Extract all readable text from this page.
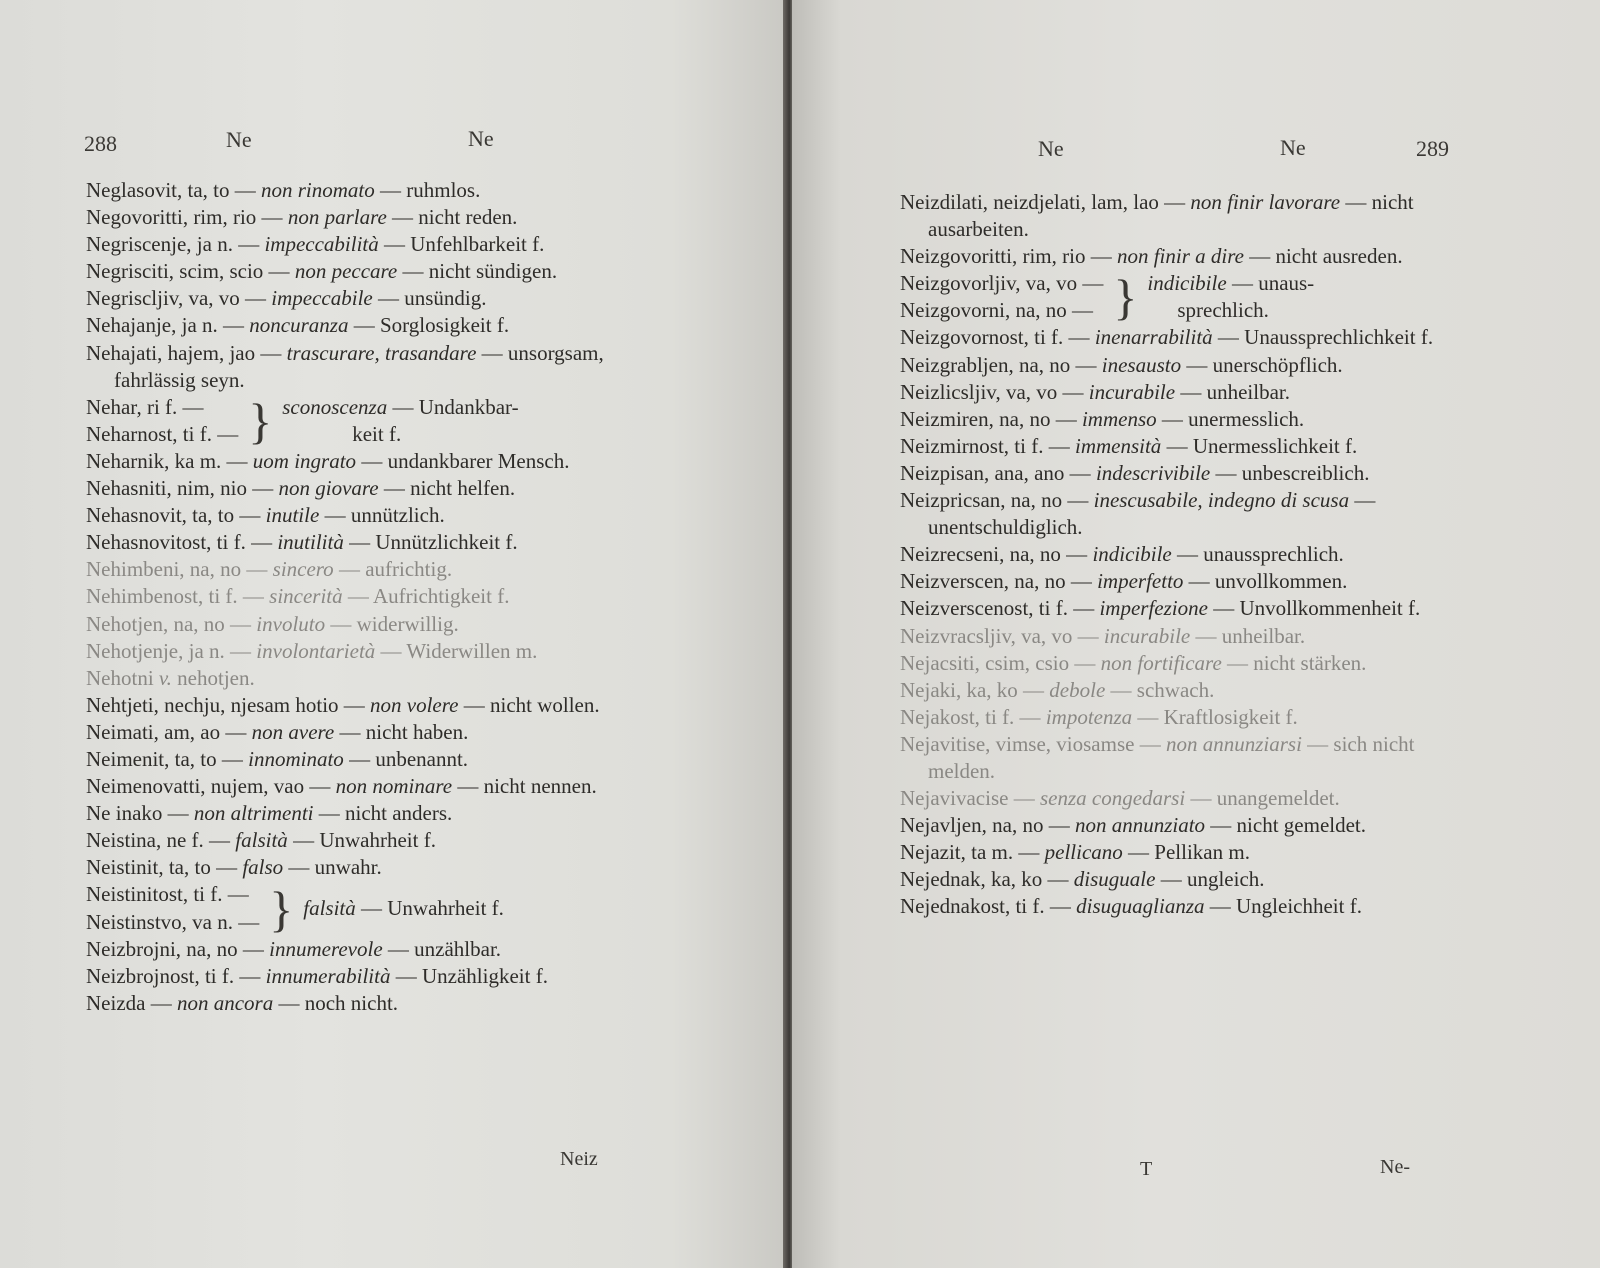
288	Ne	Ne
Neglasovit, ta, to — non rinomato — ruhmlos.
Negovoritti, rim, rio — non parlare — nicht reden.
Negriscenje, ja n. — impeccabilità — Unfehlbarkeit f.
Negrisciti, scim, scio — non peccare — nicht sündigen.
Negriscljiv, va, vo — impeccabile — unsündig.
Nehajanje, ja n. — noncuranza — Sorglosigkeit f.
Nehajati, hajem, jao — trascurare, trasandare — unsorgsam, fahrlässig seyn.
Nehar, ri f. —
Neharnost, ti f. — } sconoscenza — Undankbar-
keit f.
Neharnik, ka m. — uom ingrato — undankbarer Mensch.
Nehasniti, nim, nio — non giovare — nicht helfen.
Nehasnovit, ta, to — inutile — unnützlich.
Nehasnovitost, ti f. — inutilità — Unnützlichkeit f.
Nehimbeni, na, no — sincero — aufrichtig.
Nehimbenost, ti f. — sincerità — Aufrichtigkeit f.
Nehotjen, na, no — involuto — widerwillig.
Nehotjenje, ja n. — involontarietà — Widerwillen m.
Nehotni v. nehotjen.
Nehtjeti, nechju, njesam hotio — non volere — nicht wollen.
Neimati, am, ao — non avere — nicht haben.
Neimenit, ta, to — innominato — unbenannt.
Neimenovatti, nujem, vao — non nominare — nicht nennen.
Ne inako — non altrimenti — nicht anders.
Neistina, ne f. — falsità — Unwahrheit f.
Neistinit, ta, to — falso — unwahr.
Neistinitost, ti f. —
Neistinstvo, va n. — } falsità — Unwahrheit f.
Neizbrojni, na, no — innumerevole — unzählbar.
Neizbrojnost, ti f. — innumerabilità — Unzähligkeit f.
Neizda — non ancora — noch nicht.
Neiz
Ne	Ne	289
Neizdilati, neizdjelati, lam, lao — non finir lavorare — nicht ausarbeiten.
Neizgovoritti, rim, rio — non finir a dire — nicht ausreden.
Neizgovorljiv, va, vo —
Neizgovorni, na, no — } indicibile — unaus-
sprechlich.
Neizgovornost, ti f. — inenarrabilità — Unaussprechlichkeit f.
Neizgrabljen, na, no — inesausto — unerschöpflich.
Neizlicsljiv, va, vo — incurabile — unheilbar.
Neizmiren, na, no — immenso — unermesslich.
Neizmirnost, ti f. — immensità — Unermesslichkeit f.
Neizpisan, ana, ano — indescrivibile — unbescreiblich.
Neizpricsan, na, no — inescusabile, indegno di scusa — unentschuldiglich.
Neizrecseni, na, no — indicibile — unaussprechlich.
Neizverscen, na, no — imperfetto — unvollkommen.
Neizverscenost, ti f. — imperfezione — Unvollkommenheit f.
Neizvracsljiv, va, vo — incurabile — unheilbar.
Nejacsiti, csim, csio — non fortificare — nicht stärken.
Nejaki, ka, ko — debole — schwach.
Nejakost, ti f. — impotenza — Kraftlosigkeit f.
Nejavitise, vimse, viosamse — non annunziarsi — sich nicht melden.
Nejavivacise — senza congedarsi — unangemeldet.
Nejavljen, na, no — non annunziato — nicht gemeldet.
Nejazit, ta m. — pellicano — Pellikan m.
Nejednak, ka, ko — disuguale — ungleich.
Nejednakost, ti f. — disuguaglianza — Ungleichheit f.
T	Ne-
